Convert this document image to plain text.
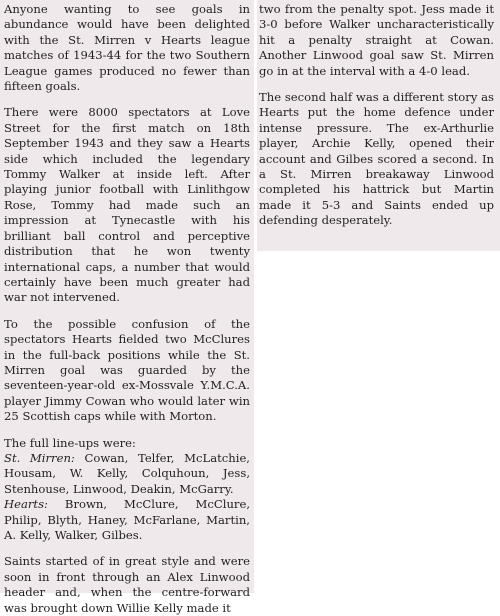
Anyone wanting to see goals in abundance would have been delighted with the St. Mirren v Hearts league matches of 1943-44 for the two Southern League games produced no fewer than fifteen goals.

There were 8000 spectators at Love Street for the first match on 18th September 1943 and they saw a Hearts side which included the legendary Tommy Walker at inside left. After playing junior football with Linlithgow Rose, Tommy had made such an impression at Tynecastle with his brilliant ball control and perceptive distribution that he won twenty international caps, a number that would certainly have been much greater had war not intervened.

To the possible confusion of the spectators Hearts fielded two McClures in the full-back positions while the St. Mirren goal was guarded by the seventeen-year-old ex-Mossvale Y.M.C.A. player Jimmy Cowan who would later win 25 Scottish caps while with Morton.

The full line-ups were:
St. Mirren: Cowan, Telfer, McLatchie, Housam, W. Kelly, Colquhoun, Jess, Stenhouse, Linwood, Deakin, McGarry.
Hearts: Brown, McClure, McClure, Philip, Blyth, Haney, McFarlane, Martin, A. Kelly, Walker, Gilbes.

Saints started of in great style and were soon in front through an Alex Linwood header and, when the centre-forward was brought down Willie Kelly made it

two from the penalty spot. Jess made it 3-0 before Walker uncharacteristically hit a penalty straight at Cowan. Another Linwood goal saw St. Mirren go in at the interval with a 4-0 lead.

The second half was a different story as Hearts put the home defence under intense pressure. The ex-Arthurlie player, Archie Kelly, opened their account and Gilbes scored a second. In a St. Mirren breakaway Linwood completed his hattrick but Martin made it 5-3 and Saints ended up defending desperately.
